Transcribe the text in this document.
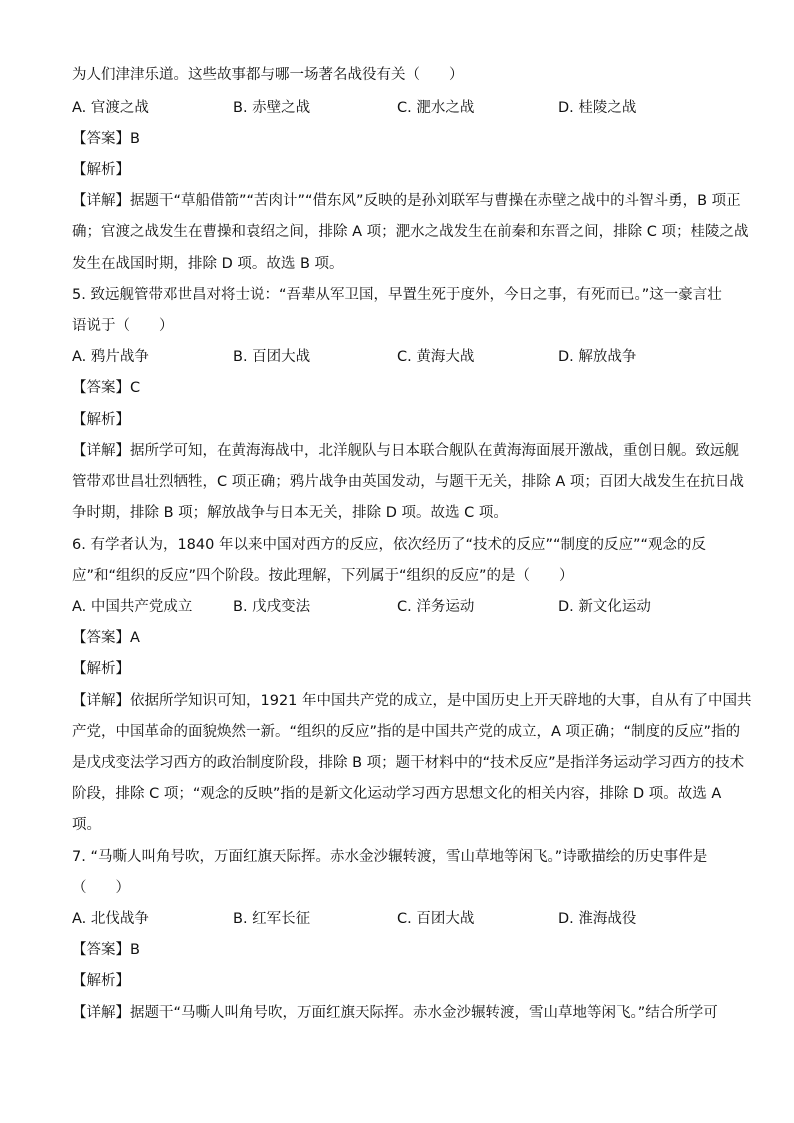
为人们津津乐道。这些故事都与哪一场著名战役有关（　　）
A. 官渡之战	B. 赤壁之战	C. 淝水之战	D. 桂陵之战
【答案】B
【解析】
【详解】据题干“草船借箭”“苦肉计”“借东风”反映的是孙刘联军与曹操在赤壁之战中的斗智斗勇，B 项正
确；官渡之战发生在曹操和袁绍之间，排除 A 项；淝水之战发生在前秦和东晋之间，排除 C 项；桂陵之战
发生在战国时期，排除 D 项。故选 B 项。
5. 致远舰管带邓世昌对将士说：“吾辈从军卫国，早置生死于度外，今日之事，有死而已。”这一豪言壮
语说于（　　）
A. 鸦片战争	B. 百团大战	C. 黄海大战	D. 解放战争
【答案】C
【解析】
【详解】据所学可知，在黄海海战中，北洋舰队与日本联合舰队在黄海海面展开激战，重创日舰。致远舰
管带邓世昌壮烈牺牲，C 项正确；鸦片战争由英国发动，与题干无关，排除 A 项；百团大战发生在抗日战
争时期，排除 B 项；解放战争与日本无关，排除 D 项。故选 C 项。
6. 有学者认为，1840 年以来中国对西方的反应，依次经历了“技术的反应”“制度的反应”“观念的反
应”和“组织的反应”四个阶段。按此理解，下列属于“组织的反应”的是（　　）
A. 中国共产党成立	B. 戊戌变法	C. 洋务运动	D. 新文化运动
【答案】A
【解析】
【详解】依据所学知识可知，1921 年中国共产党的成立，是中国历史上开天辟地的大事，自从有了中国共
产党，中国革命的面貌焕然一新。“组织的反应”指的是中国共产党的成立，A 项正确；“制度的反应”指的
是戊戌变法学习西方的政治制度阶段，排除 B 项；题干材料中的“技术反应”是指洋务运动学习西方的技术
阶段，排除 C 项；“观念的反映”指的是新文化运动学习西方思想文化的相关内容，排除 D 项。故选 A
项。
7. “马嘶人叫角号吹，万面红旗天际挥。赤水金沙辗转渡，雪山草地等闲飞。”诗歌描绘的历史事件是
（　　）
A. 北伐战争	B. 红军长征	C. 百团大战	D. 淮海战役
【答案】B
【解析】
【详解】据题干“马嘶人叫角号吹，万面红旗天际挥。赤水金沙辗转渡，雪山草地等闲飞。”结合所学可
